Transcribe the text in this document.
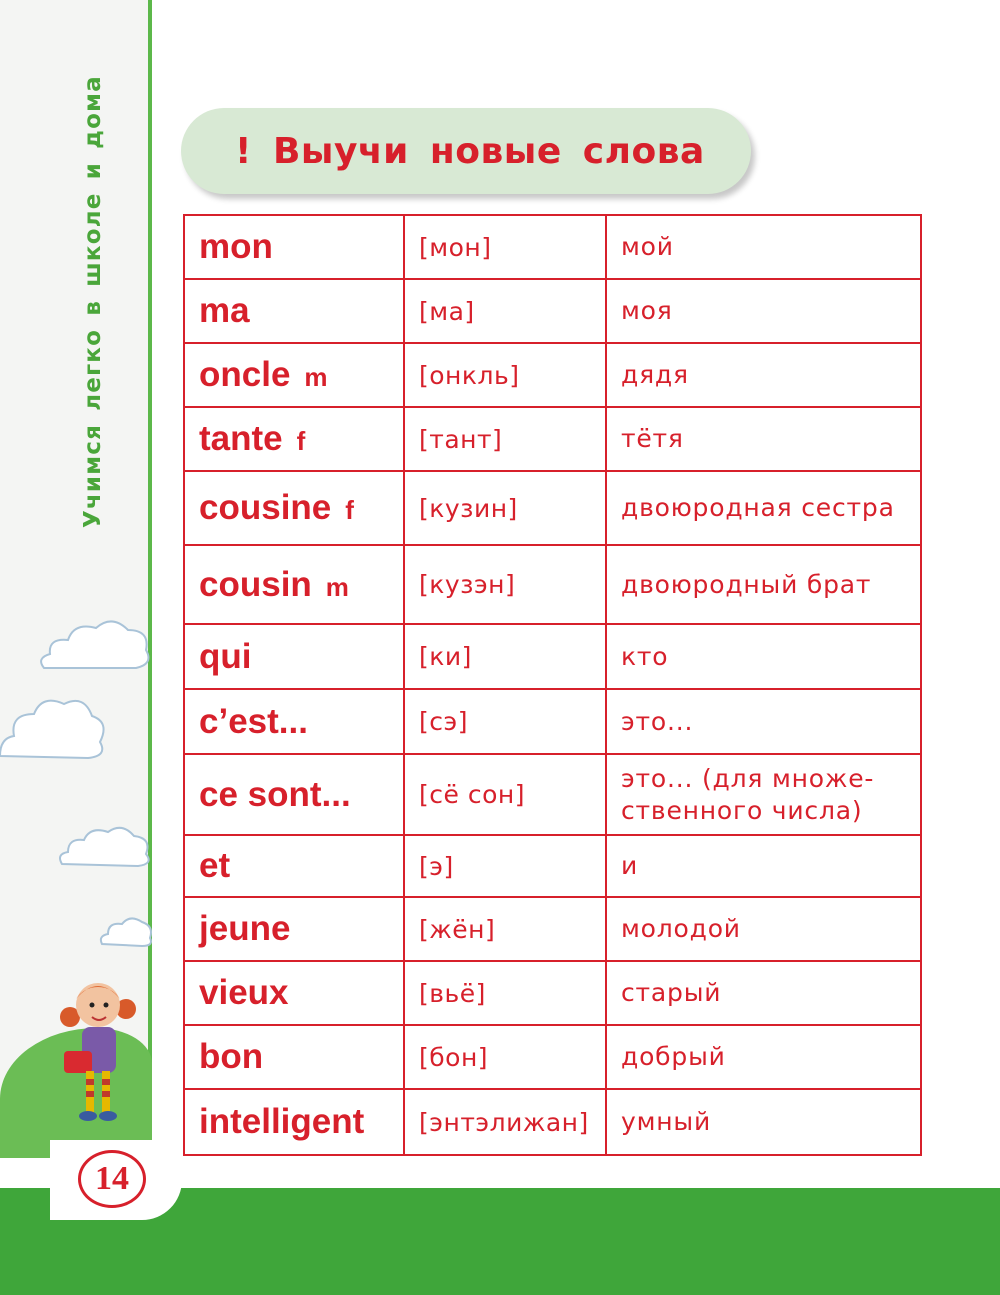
Учимся легко в школе и дома
14
! Выучи новые слова
mon	[мон]	мой
ma	[ма]	моя
oncle m	[онкль]	дядя
tante f	[тант]	тётя
cousine f	[кузин]	двоюродная сестра
cousin m	[кузэн]	двоюродный брат
qui	[ки]	кто
c’est...	[сэ]	это...
ce sont...	[сё сон]	это... (для множе-ственного числа)
et	[э]	и
jeune	[жён]	молодой
vieux	[вьё]	старый
bon	[бон]	добрый
intelligent	[энтэлижан]	умный
